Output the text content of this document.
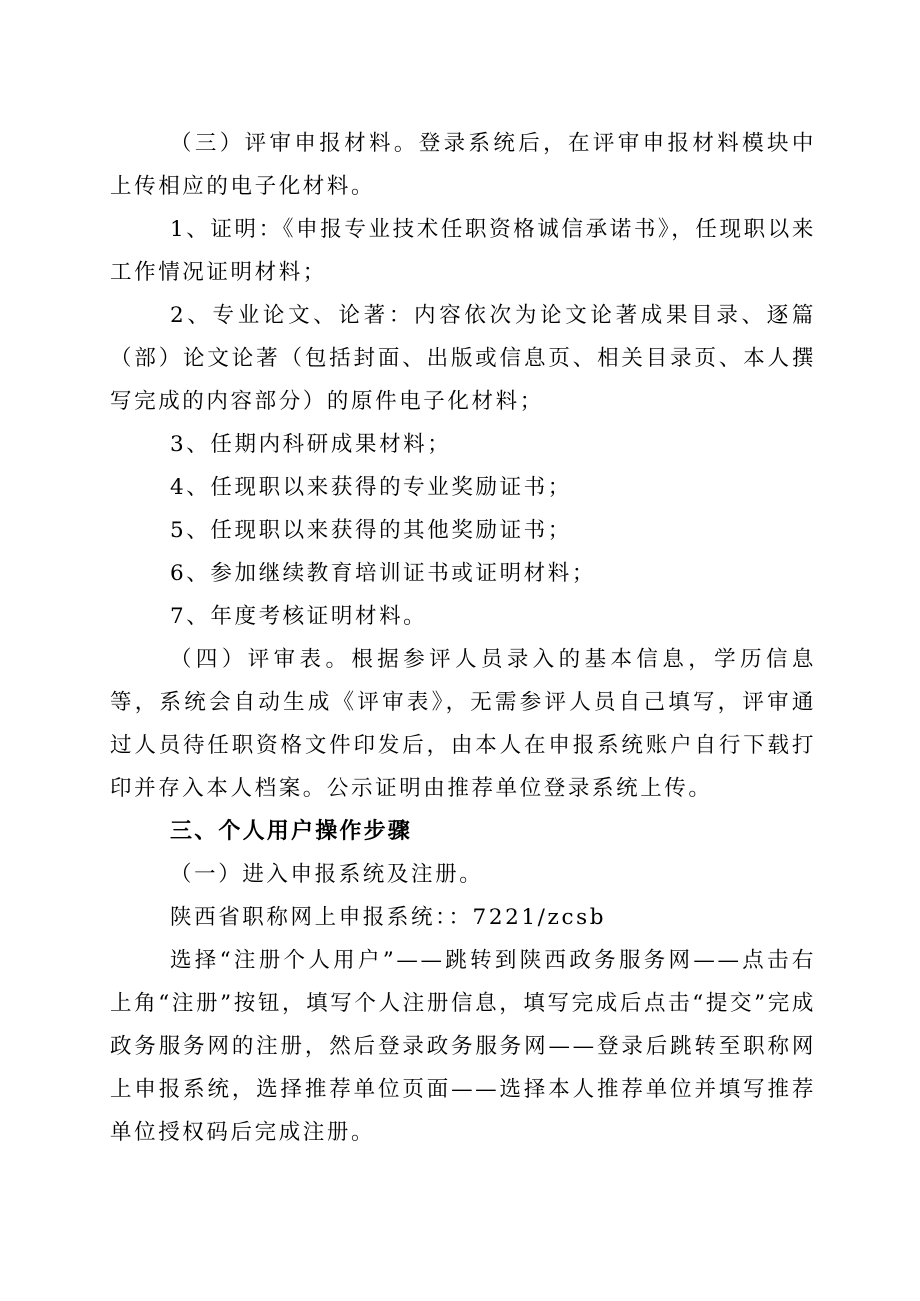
（三）评审申报材料。登录系统后，在评审申报材料模块中上传相应的电子化材料。

1、证明：《申报专业技术任职资格诚信承诺书》，任现职以来工作情况证明材料；

2、专业论文、论著：内容依次为论文论著成果目录、逐篇（部）论文论著（包括封面、出版或信息页、相关目录页、本人撰写完成的内容部分）的原件电子化材料；

3、任期内科研成果材料；

4、任现职以来获得的专业奖励证书；

5、任现职以来获得的其他奖励证书；

6、参加继续教育培训证书或证明材料；

7、年度考核证明材料。

（四）评审表。根据参评人员录入的基本信息，学历信息等，系统会自动生成《评审表》，无需参评人员自己填写，评审通过人员待任职资格文件印发后，由本人在申报系统账户自行下载打印并存入本人档案。公示证明由推荐单位登录系统上传。

三、个人用户操作步骤

（一）进入申报系统及注册。

陕西省职称网上申报系统：：7221/zcsb

选择“注册个人用户”——跳转到陕西政务服务网——点击右上角“注册”按钮，填写个人注册信息，填写完成后点击“提交”完成政务服务网的注册，然后登录政务服务网——登录后跳转至职称网上申报系统，选择推荐单位页面——选择本人推荐单位并填写推荐单位授权码后完成注册。
